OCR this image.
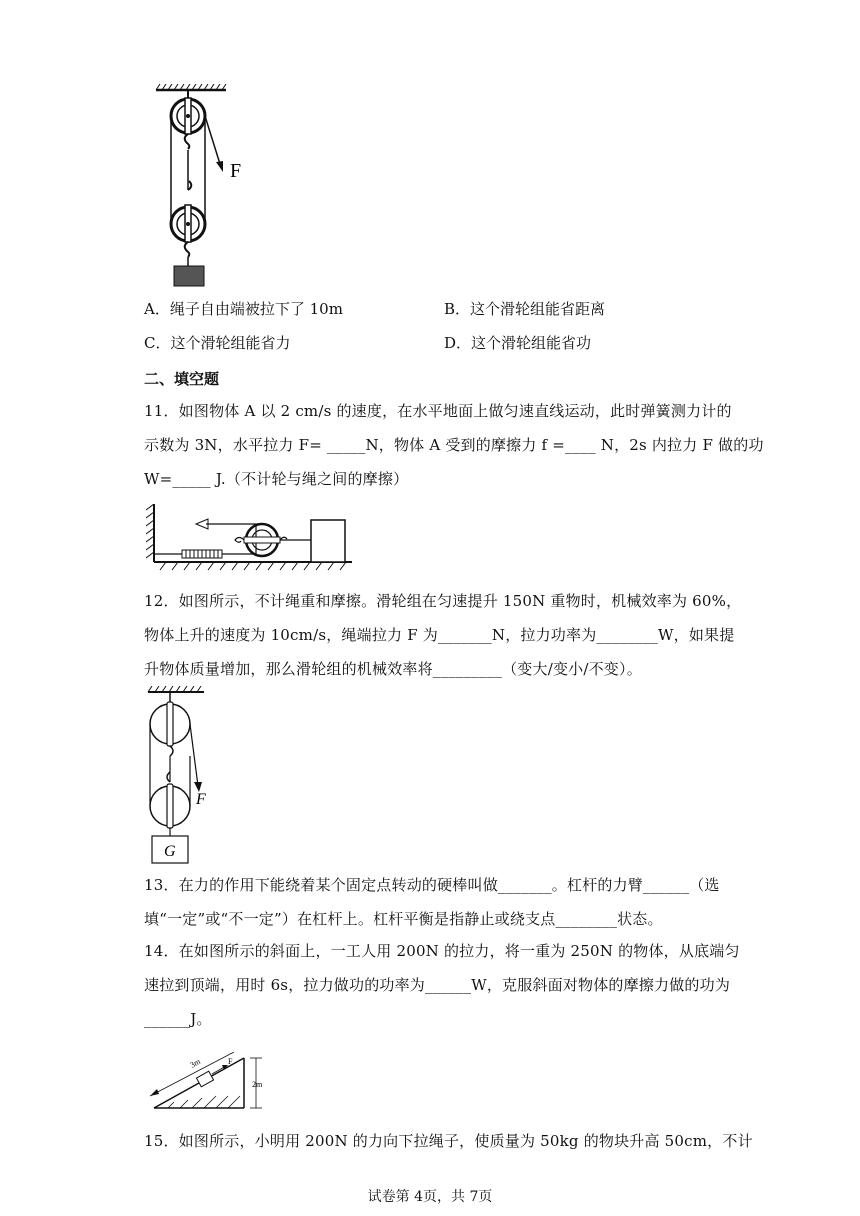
F
A．绳子自由端被拉下了 10m	B．这个滑轮组能省距离
C．这个滑轮组能省力	D．这个滑轮组能省功
二、填空题
11．如图物体 A 以 2 cm/s 的速度，在水平地面上做匀速直线运动，此时弹簧测力计的
示数为 3N，水平拉力 F= _____N，物体 A 受到的摩擦力 f =____ N，2s 内拉力 F 做的功
W=_____ J.（不计轮与绳之间的摩擦）
12．如图所示，不计绳重和摩擦。滑轮组在匀速提升 150N 重物时，机械效率为 60%，
物体上升的速度为 10cm/s，绳端拉力 F 为_______N，拉力功率为________W，如果提
升物体质量增加，那么滑轮组的机械效率将_________（变大/变小/不变）。
F
G
13．在力的作用下能绕着某个固定点转动的硬棒叫做_______。杠杆的力臂______（选
填“一定”或“不一定”）在杠杆上。杠杆平衡是指静止或绕支点________状态。
14．在如图所示的斜面上，一工人用 200N 的拉力，将一重为 250N 的物体，从底端匀
速拉到顶端，用时 6s，拉力做功的功率为______W，克服斜面对物体的摩擦力做的功为
______J。
3m	F
2m
15．如图所示，小明用 200N 的力向下拉绳子，使质量为 50kg 的物块升高 50cm，不计
试卷第 4页，共 7页
